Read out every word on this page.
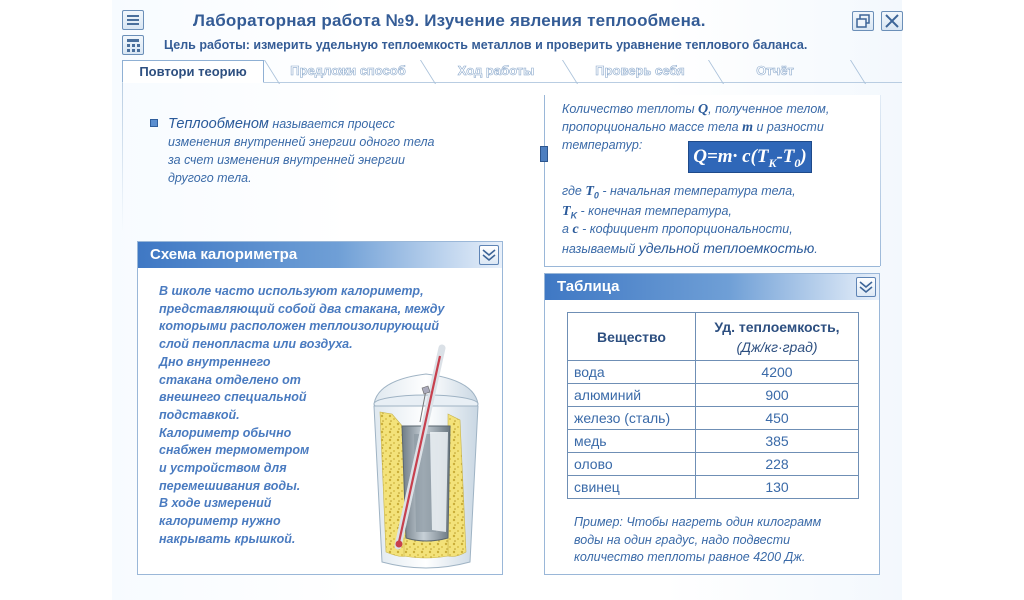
Лабораторная работа №9. Изучение явления теплообмена.
Цель работы: измерить удельную теплоемкость металлов и проверить уравнение теплового баланса.
Повтори теорию	Предложи способ	Ход работы	Проверь себя	Отчёт
Теплообменом называется процесс
изменения внутренней энергии одного тела
за счет изменения внутренней энергии
другого тела.
Количество теплоты Q, полученное телом,
пропорционально массе тела m и разности
температур:
$Q=m\cdot c(T_K-T_0)$
где $T_0$ - начальная температура тела,
$T_K$ - конечная температура,
а c - кофициент пропорциональности,
называемый удельной теплоемкостью.
Схема калориметра
В школе часто используют калориметр,
представляющий собой два стакана, между
которыми расположен теплоизолирующий
слой пенопласта или воздуха.
Дно внутреннего
стакана отделено от
внешнего специальной
подставкой.
Калориметр обычно
снабжен термометром
и устройством для
перемешивания воды.
В ходе измерений
калориметр нужно
накрывать крышкой.
Таблица
Вещество	Уд. теплоемкость,
(Дж/кг·град)
вода	4200
алюминий	900
железо (сталь)	450
медь	385
олово	228
свинец	130
Пример: Чтобы нагреть один килограмм
воды на один градус, надо подвести
количество теплоты равное 4200 Дж.
